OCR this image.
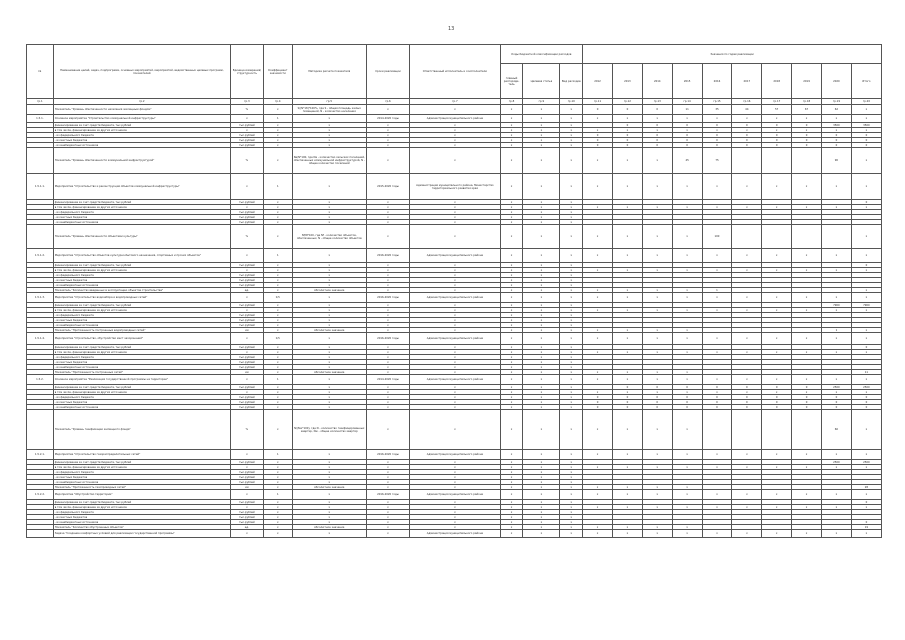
13
№	Наименование целей, задач, подпрограмм, основных мероприятий, мероприятий, ведомственных целевых программ, показателей	Единица измерения/ структурность	Коэффициент значимости	Методика расчета показателя	Сроки реализации	Ответственный исполнитель и соисполнители	Коды бюджетной классификации расходов			Значения по годам реализации									
							главный распоряди-тель	Целевая статья	Вид расходов	2012	2013	2014	2015	2016	2017	2018	2019	2020	Итого
гр.1	гр.2	гр.3	гр.4	гр.5	гр.6	гр.7	гр.8	гр.9	гр.10	гр.11	гр.12	гр.13	гр.14	гр.15	гр.16	гр.17	гр.18	гр.19	гр.20
	Показатель "Уровень обеспеченности населения жилищным фондом"	%	х	S/(N*18)*100%, где S - общая площадь жилых помещений, N - количество населения	х	х	х	х	х	0	0	0	11	35	44	57	67	62	х
1.5.1.	Основное мероприятие "Строительство коммунальной инфраструктуры"	х	1	х	2014-2020 годы	Администрация муниципального района	х	х	х	х	х	х	х	х	х	х	х	х	х
	финансирование за счет средств бюджета, тыс.рублей	тыс.рублей	х	х	х	х	х	х	х		0	0	0	0	0	0	0	3500	3500
	в том числе, финансирование из других источников	х	х	х	х	х	х	х	х	х	х	х	х	х	х	х	х	х	х
	- из федерального бюджета	тыс.рублей	х	х	х	х	х	х	х	0	0	0	0	0	0	0	0	0	0
	- из местных бюджетов	тыс.рублей	х	х	х	х	х	х	х	0	0	0	0	0	0	0	0	0	0
	- из внебюджетных источников	тыс.рублей	х	х	х	х	х	х	х	0	0	0	0	0	0	0	0	0	0
	Показатель "Уровень обеспеченности коммунальной инфраструктурой"	%	х	Ne/N*100, где Ne - количество сельских поселений, обеспеченных коммунальной инфраструктурой, N - общее количество поселений	х	х	х	х	х	х	х	х	45	75				90	х
1.5.1.1.	Мероприятие "Строительство и реконструкция объектов коммунальной инфраструктуры"	х	1	х	2015-2020 годы	Администрация муниципального района, Министерство территориального развития края	х	х	х	х	х	х	х	х	х	х	х	х	х
	финансирование за счет средств бюджета, тыс.рублей	тыс.рублей	х	х	х	х	х	х	х										0
	в том числе, финансирование из других источников	х	х	х	х	х	х	х	х	х	х	х	х	х	х	х	х	х	х
	- из федерального бюджета	тыс.рублей	х	х	х	х	х	х	х										
	- из местных бюджетов	тыс.рублей	х	х	х	х	х	х	х										
	- из внебюджетных источников	тыс.рублей	х	х	х	х	х	х	х										
	Показатель "Уровень обеспеченности объектами культуры"	%	х	Nf/N*100, где Nf - количество объектов, обеспеченных, N - общее количество объектов	х	х	х	х	х	х	х	х	х	100					х
1.5.1.2.	Мероприятие "Строительство объектов культурно-бытового назначения, спортивных и прочих объектов"	х	1	х	2016-2020 годы	Администрация муниципального района	х	х	х	х	х	х	х	х	х	х	х	х	х
	финансирование за счет средств бюджета, тыс.рублей	тыс.рублей	х	х	х	х	х	х	х										0
	в том числе, финансирование из других источников	х	х	х	х	х	х	х	х	х	х	х	х	х	х	х	х	х	х
	- из федерального бюджета	тыс.рублей	х	х	х	х	х	х	х										
	- из местных бюджетов	тыс.рублей	х	х	х	х	х	х	х										
	- из внебюджетных источников	тыс.рублей	х	х	х	х	х	х	х										
	Показатель "Количество введенных в эксплуатацию объектов строительства"	ед.	х	Абсолютное значение	х	х	х	х	х	х	х	х	х	1					х
1.5.1.3.	Мероприятие "Строительство водозабора и водопроводных сетей"	х	0,5	х	2016-2020 годы	Администрация муниципального района	х	х	х	х	х	х	х	х	х	х	х	х	х
	финансирование за счет средств бюджета, тыс.рублей	тыс.рублей	х	х	х	х	х	х	х									7900	7900
	в том числе, финансирование из других источников	х	х	х	х	х	х	х	х	х	х	х	х	х	х	х	х	х	х
	- из федерального бюджета	тыс.рублей	х	х	х	х	х	х	х										
	- из местных бюджетов	тыс.рублей	х	х	х	х	х	х	х										
	- из внебюджетных источников	тыс.рублей	х	х	х	х	х	х	х										
	Показатель "Протяженность построенных водопроводных сетей"	км	х	Абсолютное значение	х	х	х	х	х	х	х	х	х					1	х
1.5.1.4.	Мероприятие "Строительство, обустройство мест захоронений"	х	0,5	х	2016-2020 годы	Администрация муниципального района	х	х	х	х	х	х	х	х	х	х	х	х	х
	финансирование за счет средств бюджета, тыс.рублей	тыс.рублей	х	х	х	х	х	х	х										0
	в том числе, финансирование из других источников	х	х	х	х	х	х	х	х	х	х	х	х	х	х	х	х	х	х
	- из федерального бюджета	тыс.рублей	х	х	х	х	х	х	х										
	- из местных бюджетов	тыс.рублей	х	х	х	х	х	х	х										
	- из внебюджетных источников	тыс.рублей	х	х	х	х	х	х	х										
	Показатель "Протяженность построенных сетей"	км	х	Абсолютное значение	х	х	х	х	х	х	х	х	х						11
1.5.2.	Основное мероприятие "Реализация государственной программы на территории"	х	1	х	2014-2020 годы	Администрация муниципального района	х	х	х	х	х	х	х	х	х	х	х	х	х
	финансирование за счет средств бюджета, тыс.рублей	тыс.рублей	х	х	х	х	х	х	х		0	0	0	0	0	0	0	2500	2500
	в том числе, финансирование из других источников	х	х	х	х	х	х	х	х	х	х	х	х	х	х	х	х	х	х
	- из федерального бюджета	тыс.рублей	х	х	х	х	х	х	х	0	0	0	0	0	0	0	0	0	0
	- из местных бюджетов	тыс.рублей	х	х	х	х	х	х	х	0	0	0	0	0	0	0	0	0	0
	- из внебюджетных источников	тыс.рублей	х	х	х	х	х	х	х	0	0	0	0	0	0	0	0	0	0
	Показатель "Уровень газификации жилищного фонда"	%	х	N/(Nж*100), где N - количество газифицированных квартир, Nж - общее количество квартир	х	х	х	х	х	х	х	х	х					60	х
1.5.2.1.	Мероприятие "Строительство газораспределительных сетей"	х	1	х	2016-2020 годы	Администрация муниципального района	х	х	х	х	х	х	х	х	х	х	х	х	х
	финансирование за счет средств бюджета, тыс.рублей	тыс.рублей	х	х	х	х	х	х	х									2500	2500
	в том числе, финансирование из других источников	х	х	х	х	х	х	х	х	х	х	х	х	х	х	х	х	х	х
	- из федерального бюджета	тыс.рублей	х	х	х	х	х	х	х										
	- из местных бюджетов	тыс.рублей	х	х	х	х	х	х	х										
	- из внебюджетных источников	тыс.рублей	х	х	х	х	х	х	х										
	Показатель "Протяженность газопроводных сетей"	км	х	Абсолютное значение	х	х	х	х	х	х	х	х	х						28
1.5.2.2.	Мероприятие "Обустройство территории"	х	1	х	2016-2020 годы	Администрация муниципального района	х	х	х	х	х	х	х	х	х	х	х	х	х
	финансирование за счет средств бюджета, тыс.рублей	тыс.рублей	х	х	х	х	х	х	х										0
	в том числе, финансирование из других источников	х	х	х	х	х	х	х	х	х	х	х	х	х	х	х	х	х	х
	- из федерального бюджета	тыс.рублей	х	х	х	х	х	х	х										
	- из местных бюджетов	тыс.рублей	х	х	х	х	х	х	х										
	- из внебюджетных источников	тыс.рублей	х	х	х	х	х	х	х										0
	Показатель "Количество обустроенных объектов"	ед.	х	Абсолютное значение	х	х	х	х	х	х	х	х	х						19
	Задача "Создание комфортных условий для реализации государственной программы"	х	х	х	х	Администрация муниципального района	х	х	х	х	х	х	х	х	х	х	х	х	х
